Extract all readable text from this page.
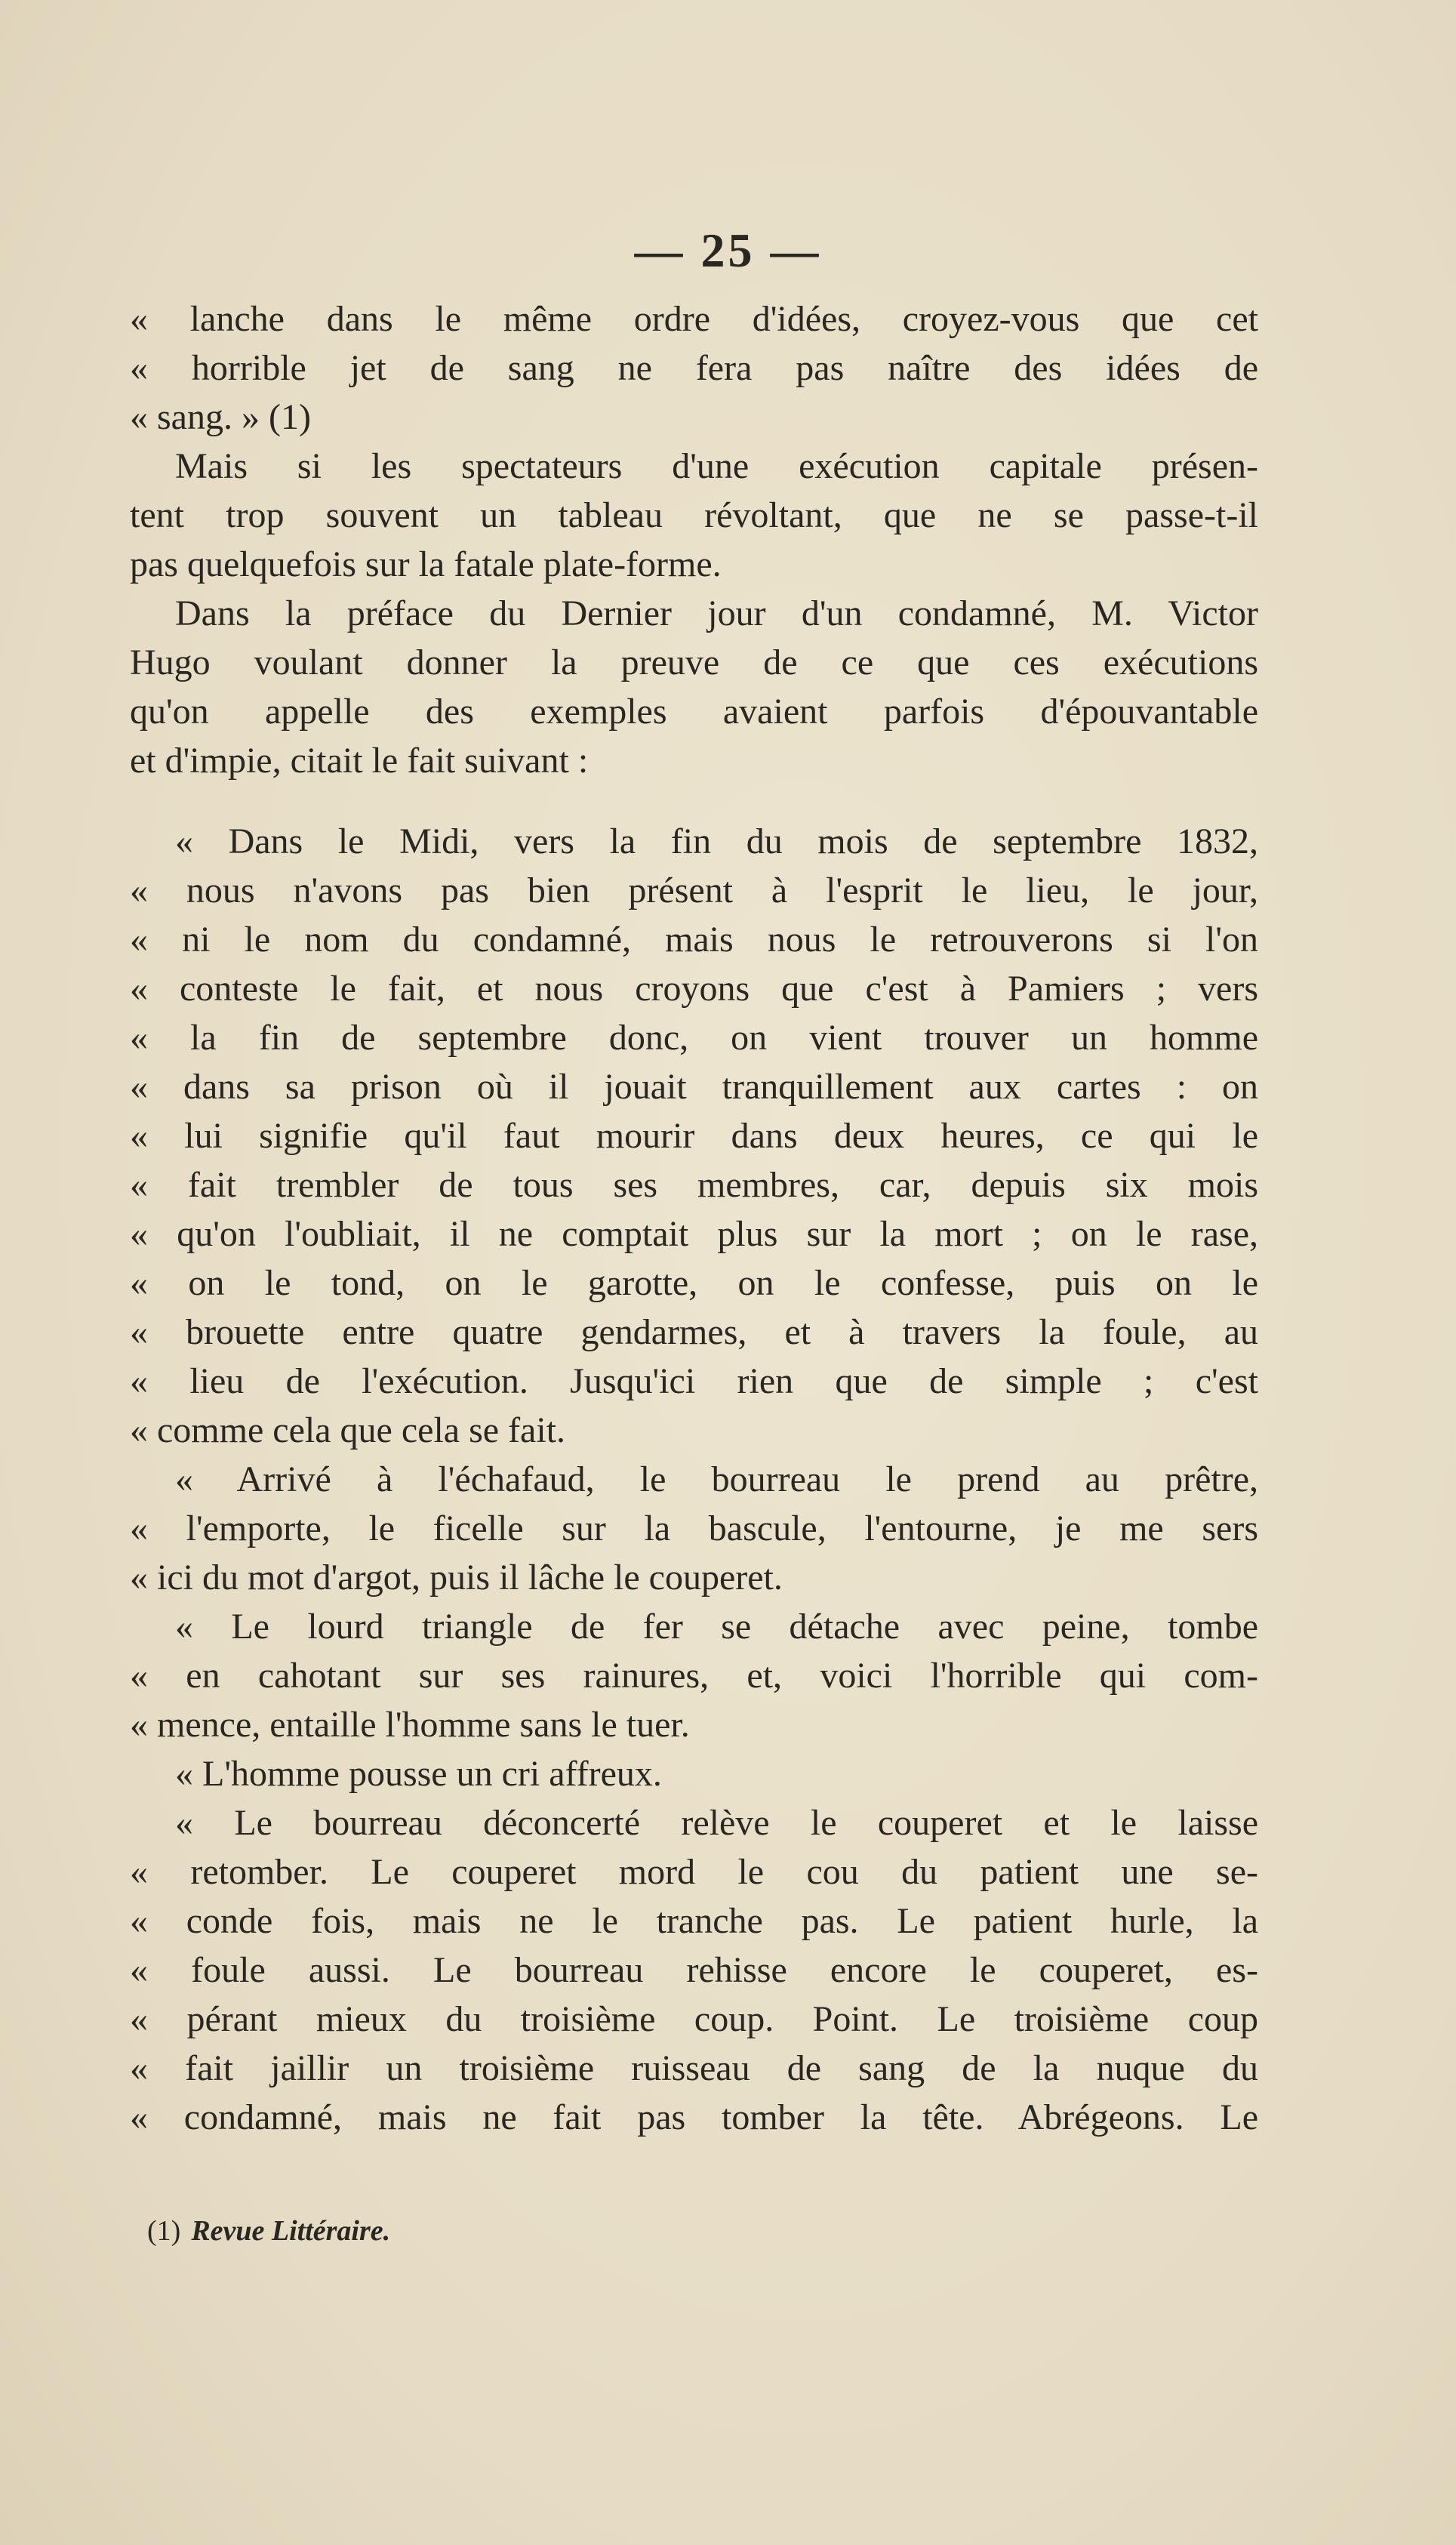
— 25 —
« lanche dans le même ordre d'idées, croyez-vous que cet
« horrible jet de sang ne fera pas naître des idées de
« sang. » (1)
Mais si les spectateurs d'une exécution capitale présen-
tent trop souvent un tableau révoltant, que ne se passe-t-il
pas quelquefois sur la fatale plate-forme.
Dans la préface du Dernier jour d'un condamné, M. Victor
Hugo voulant donner la preuve de ce que ces exécutions
qu'on appelle des exemples avaient parfois d'épouvantable
et d'impie, citait le fait suivant :
« Dans le Midi, vers la fin du mois de septembre 1832,
« nous n'avons pas bien présent à l'esprit le lieu, le jour,
« ni le nom du condamné, mais nous le retrouverons si l'on
« conteste le fait, et nous croyons que c'est à Pamiers ; vers
« la fin de septembre donc, on vient trouver un homme
« dans sa prison où il jouait tranquillement aux cartes : on
« lui signifie qu'il faut mourir dans deux heures, ce qui le
« fait trembler de tous ses membres, car, depuis six mois
« qu'on l'oubliait, il ne comptait plus sur la mort ; on le rase,
« on le tond, on le garotte, on le confesse, puis on le
« brouette entre quatre gendarmes, et à travers la foule, au
« lieu de l'exécution. Jusqu'ici rien que de simple ; c'est
« comme cela que cela se fait.
« Arrivé à l'échafaud, le bourreau le prend au prêtre,
« l'emporte, le ficelle sur la bascule, l'entourne, je me sers
« ici du mot d'argot, puis il lâche le couperet.
« Le lourd triangle de fer se détache avec peine, tombe
« en cahotant sur ses rainures, et, voici l'horrible qui com-
« mence, entaille l'homme sans le tuer.
« L'homme pousse un cri affreux.
« Le bourreau déconcerté relève le couperet et le laisse
« retomber. Le couperet mord le cou du patient une se-
« conde fois, mais ne le tranche pas. Le patient hurle, la
« foule aussi. Le bourreau rehisse encore le couperet, es-
« pérant mieux du troisième coup. Point. Le troisième coup
« fait jaillir un troisième ruisseau de sang de la nuque du
« condamné, mais ne fait pas tomber la tête. Abrégeons. Le
(1) Revue Littéraire.
